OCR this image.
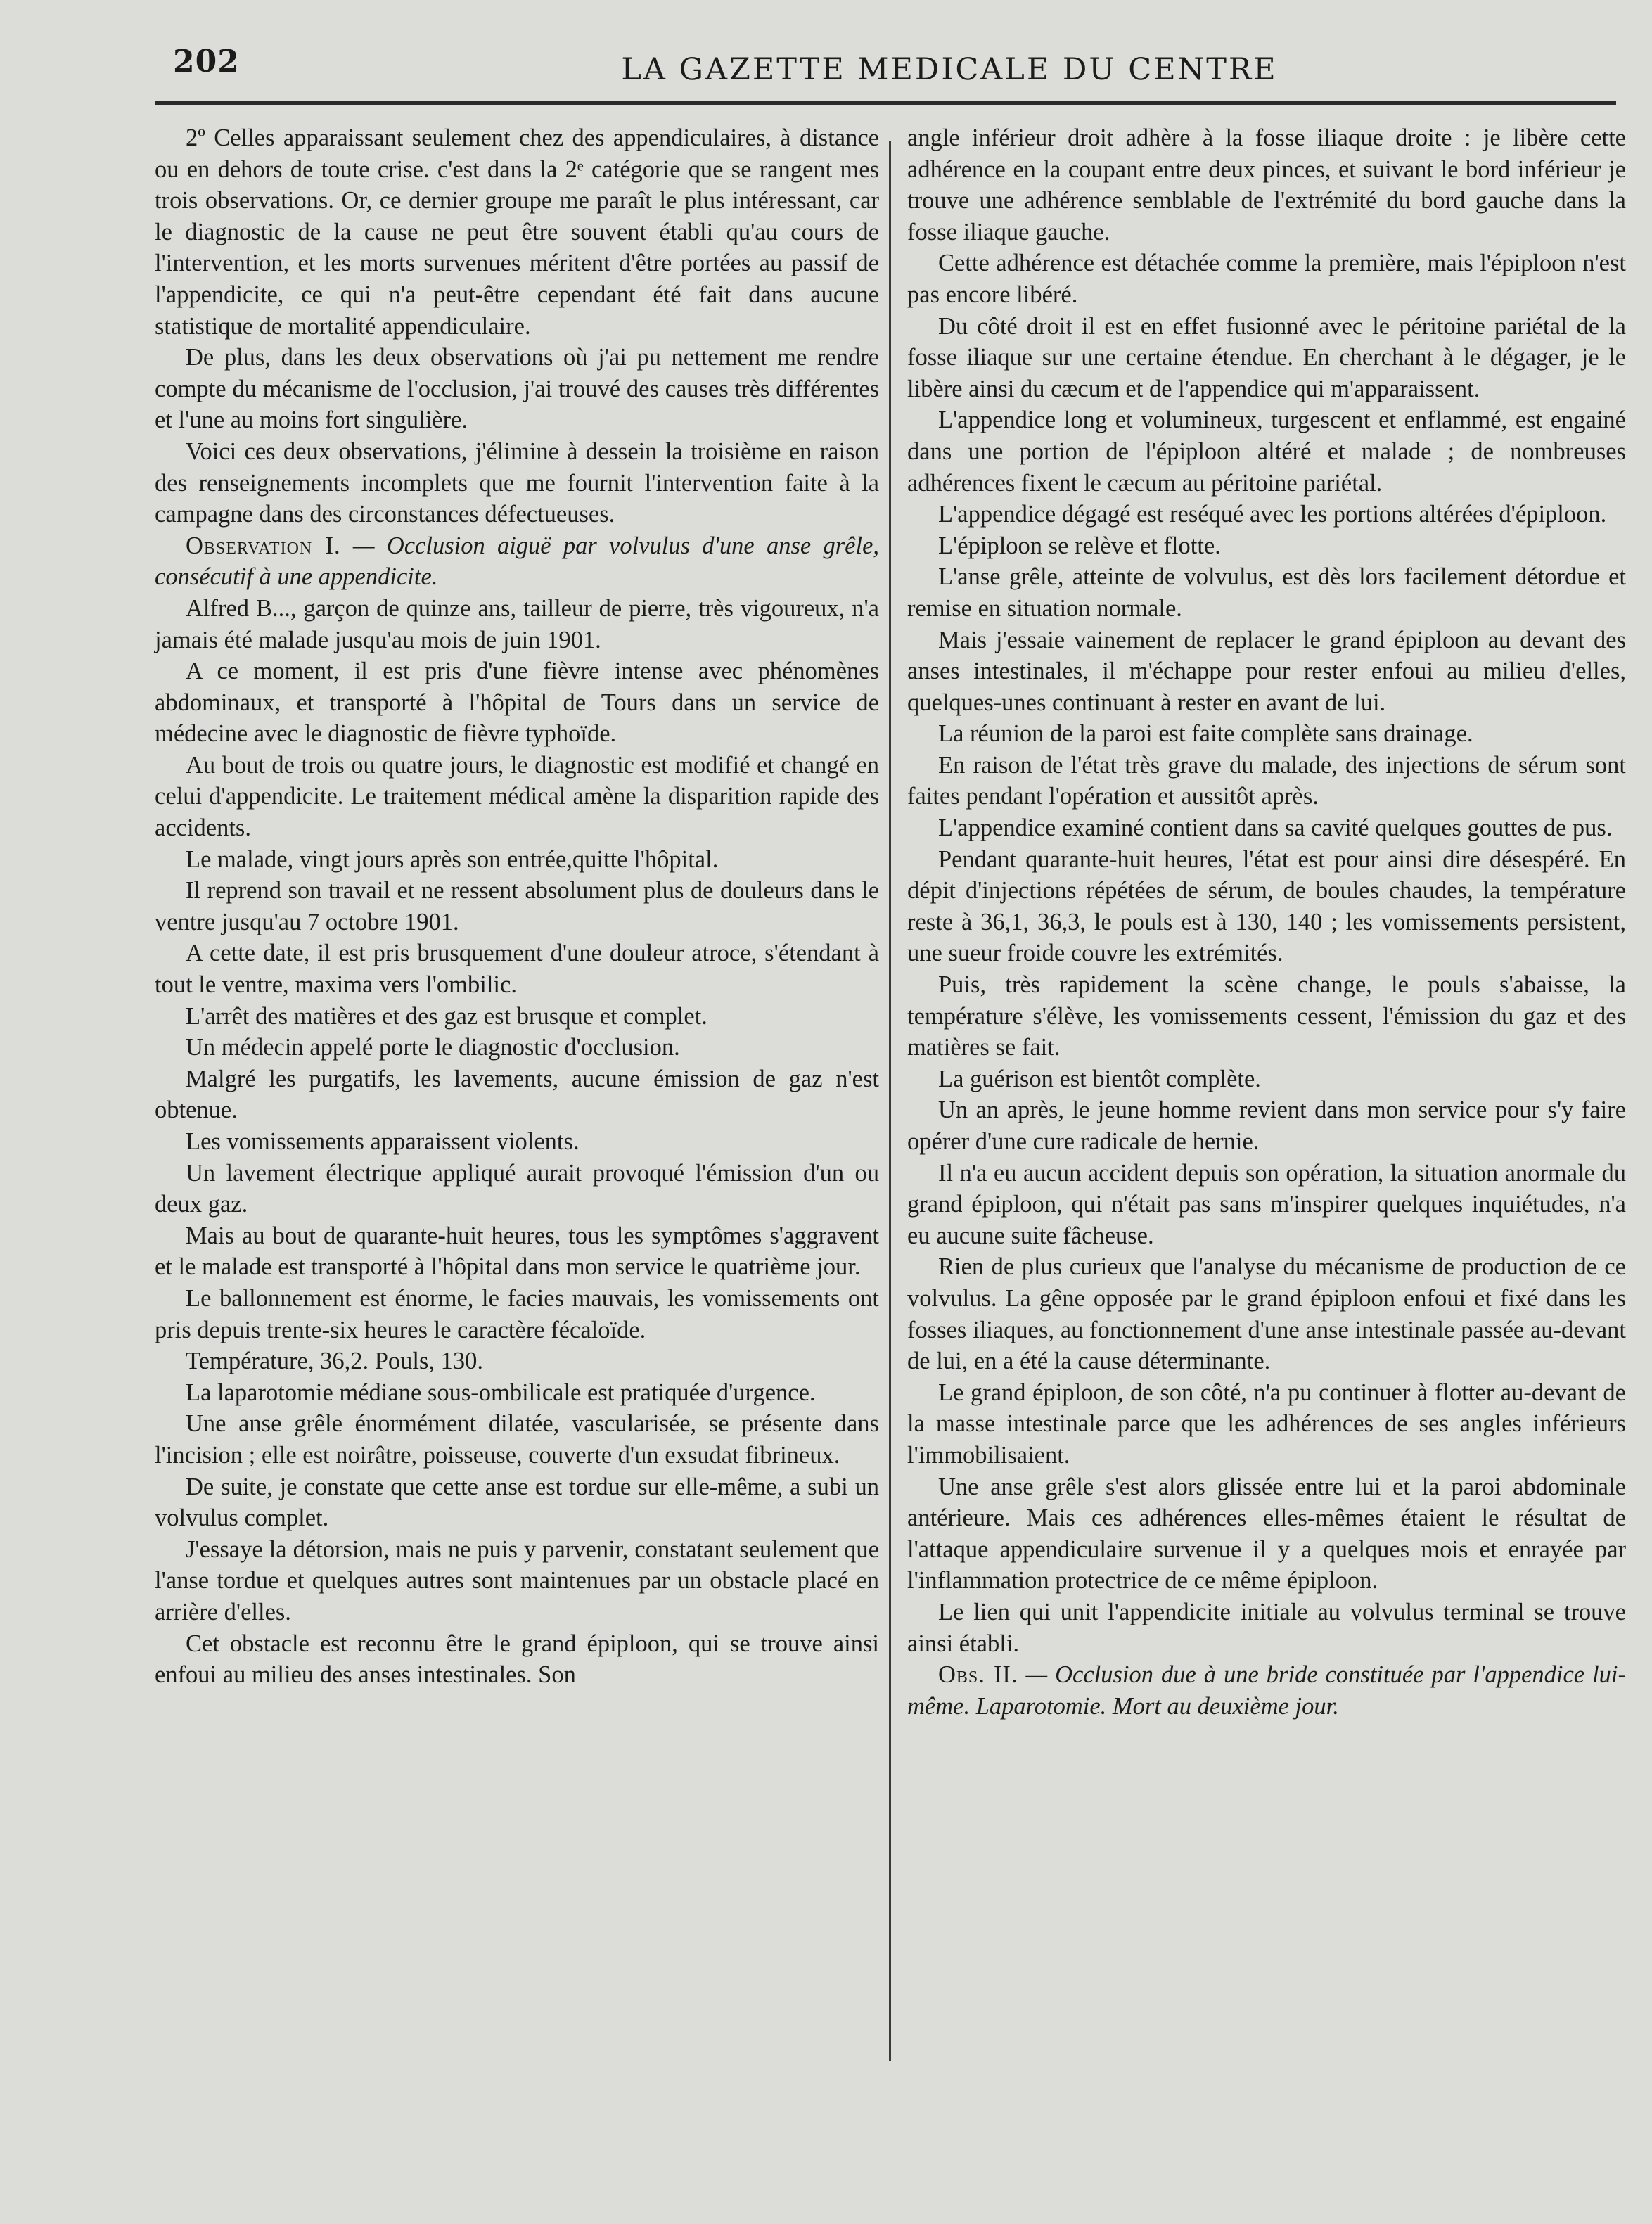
202	LA GAZETTE MEDICALE DU CENTRE

2º Celles apparaissant seulement chez des appendiculaires, à distance ou en dehors de toute crise. c'est dans la 2ᵉ catégorie que se rangent mes trois observations. Or, ce dernier groupe me paraît le plus intéressant, car le diagnostic de la cause ne peut être souvent établi qu'au cours de l'intervention, et les morts survenues méritent d'être portées au passif de l'appendicite, ce qui n'a peut-être cependant été fait dans aucune statistique de mortalité appendiculaire.

De plus, dans les deux observations où j'ai pu nettement me rendre compte du mécanisme de l'occlusion, j'ai trouvé des causes très différentes et l'une au moins fort singulière.

Voici ces deux observations, j'élimine à dessein la troisième en raison des renseignements incomplets que me fournit l'intervention faite à la campagne dans des circonstances défectueuses.

Observation I. — Occlusion aiguë par volvulus d'une anse grêle, consécutif à une appendicite.

Alfred B..., garçon de quinze ans, tailleur de pierre, très vigoureux, n'a jamais été malade jusqu'au mois de juin 1901.

A ce moment, il est pris d'une fièvre intense avec phénomènes abdominaux, et transporté à l'hôpital de Tours dans un service de médecine avec le diagnostic de fièvre typhoïde.

Au bout de trois ou quatre jours, le diagnostic est modifié et changé en celui d'appendicite. Le traitement médical amène la disparition rapide des accidents.

Le malade, vingt jours après son entrée,quitte l'hôpital.

Il reprend son travail et ne ressent absolument plus de douleurs dans le ventre jusqu'au 7 octobre 1901.

A cette date, il est pris brusquement d'une douleur atroce, s'étendant à tout le ventre, maxima vers l'ombilic.

L'arrêt des matières et des gaz est brusque et complet.

Un médecin appelé porte le diagnostic d'occlusion.

Malgré les purgatifs, les lavements, aucune émission de gaz n'est obtenue.

Les vomissements apparaissent violents.

Un lavement électrique appliqué aurait provoqué l'émission d'un ou deux gaz.

Mais au bout de quarante-huit heures, tous les symptômes s'aggravent et le malade est transporté à l'hôpital dans mon service le quatrième jour.

Le ballonnement est énorme, le facies mauvais, les vomissements ont pris depuis trente-six heures le caractère fécaloïde.

Température, 36,2. Pouls, 130.

La laparotomie médiane sous-ombilicale est pratiquée d'urgence.

Une anse grêle énormément dilatée, vascularisée, se présente dans l'incision ; elle est noirâtre, poisseuse, couverte d'un exsudat fibrineux.

De suite, je constate que cette anse est tordue sur elle-même, a subi un volvulus complet.

J'essaye la détorsion, mais ne puis y parvenir, constatant seulement que l'anse tordue et quelques autres sont maintenues par un obstacle placé en arrière d'elles.

Cet obstacle est reconnu être le grand épiploon, qui se trouve ainsi enfoui au milieu des anses intestinales. Son

angle inférieur droit adhère à la fosse iliaque droite : je libère cette adhérence en la coupant entre deux pinces, et suivant le bord inférieur je trouve une adhérence semblable de l'extrémité du bord gauche dans la fosse iliaque gauche.

Cette adhérence est détachée comme la première, mais l'épiploon n'est pas encore libéré.

Du côté droit il est en effet fusionné avec le péritoine pariétal de la fosse iliaque sur une certaine étendue. En cherchant à le dégager, je le libère ainsi du cæcum et de l'appendice qui m'apparaissent.

L'appendice long et volumineux, turgescent et enflammé, est engainé dans une portion de l'épiploon altéré et malade ; de nombreuses adhérences fixent le cæcum au péritoine pariétal.

L'appendice dégagé est reséqué avec les portions altérées d'épiploon.

L'épiploon se relève et flotte.

L'anse grêle, atteinte de volvulus, est dès lors facilement détordue et remise en situation normale.

Mais j'essaie vainement de replacer le grand épiploon au devant des anses intestinales, il m'échappe pour rester enfoui au milieu d'elles, quelques-unes continuant à rester en avant de lui.

La réunion de la paroi est faite complète sans drainage.

En raison de l'état très grave du malade, des injections de sérum sont faites pendant l'opération et aussitôt après.

L'appendice examiné contient dans sa cavité quelques gouttes de pus.

Pendant quarante-huit heures, l'état est pour ainsi dire désespéré. En dépit d'injections répétées de sérum, de boules chaudes, la température reste à 36,1, 36,3, le pouls est à 130, 140 ; les vomissements persistent, une sueur froide couvre les extrémités.

Puis, très rapidement la scène change, le pouls s'abaisse, la température s'élève, les vomissements cessent, l'émission du gaz et des matières se fait.

La guérison est bientôt complète.

Un an après, le jeune homme revient dans mon service pour s'y faire opérer d'une cure radicale de hernie.

Il n'a eu aucun accident depuis son opération, la situation anormale du grand épiploon, qui n'était pas sans m'inspirer quelques inquiétudes, n'a eu aucune suite fâcheuse.

Rien de plus curieux que l'analyse du mécanisme de production de ce volvulus. La gêne opposée par le grand épiploon enfoui et fixé dans les fosses iliaques, au fonctionnement d'une anse intestinale passée au-devant de lui, en a été la cause déterminante.

Le grand épiploon, de son côté, n'a pu continuer à flotter au-devant de la masse intestinale parce que les adhérences de ses angles inférieurs l'immobilisaient.

Une anse grêle s'est alors glissée entre lui et la paroi abdominale antérieure. Mais ces adhérences elles-mêmes étaient le résultat de l'attaque appendiculaire survenue il y a quelques mois et enrayée par l'inflammation protectrice de ce même épiploon.

Le lien qui unit l'appendicite initiale au volvulus terminal se trouve ainsi établi.

Obs. II. — Occlusion due à une bride constituée par l'appendice lui-même. Laparotomie. Mort au deuxième jour.
